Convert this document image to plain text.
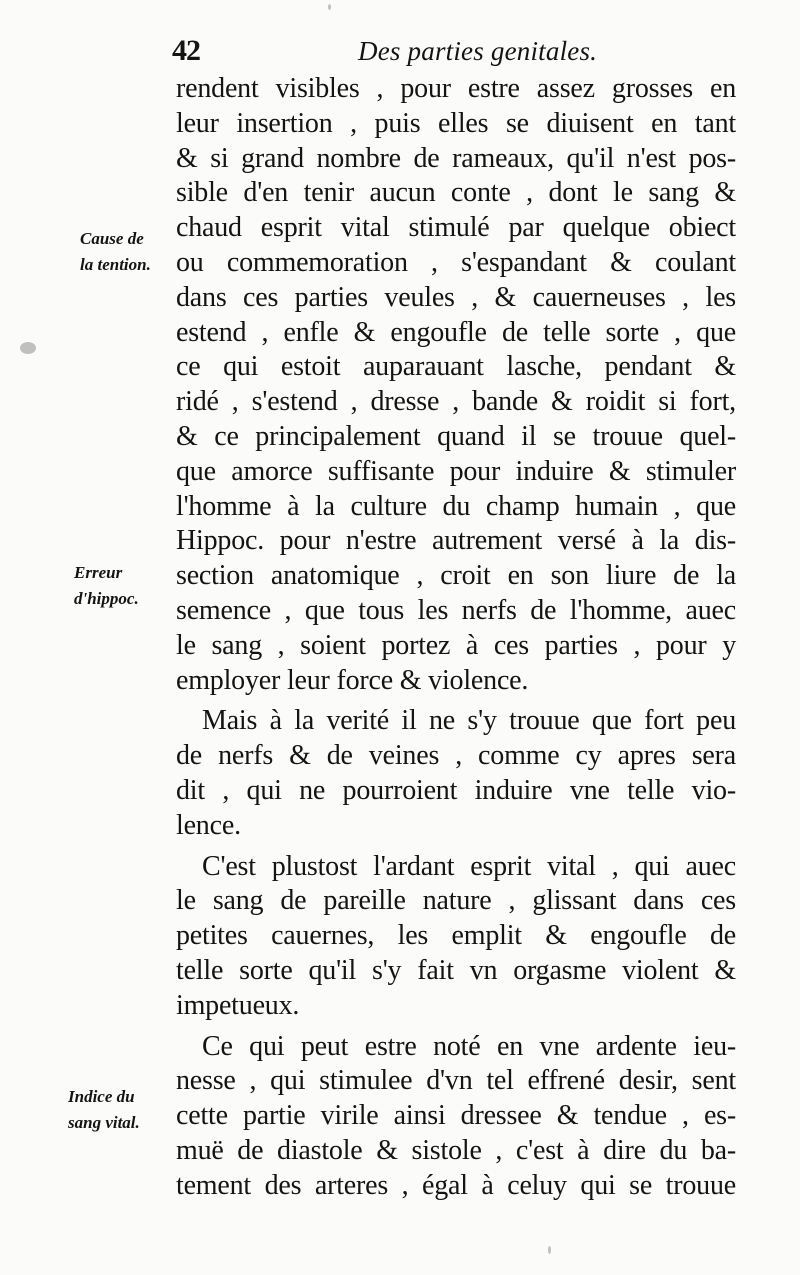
42	Des parties genitales.
Cause de
la tention.
Erreur
d'hippoc.
Indice du
sang vital.
rendent visibles , pour estre assez grosses en
leur insertion , puis elles se diuisent en tant
& si grand nombre de rameaux, qu'il n'est pos-
sible d'en tenir aucun conte , dont le sang &
chaud esprit vital stimulé par quelque obiect
ou commemoration , s'espandant & coulant
dans ces parties veules , & cauerneuses , les
estend , enfle & engoufle de telle sorte , que
ce qui estoit auparauant lasche, pendant &
ridé , s'estend , dresse , bande & roidit si fort,
& ce principalement quand il se trouue quel-
que amorce suffisante pour induire & stimuler
l'homme à la culture du champ humain , que
Hippoc. pour n'estre autrement versé à la dis-
section anatomique , croit en son liure de la
semence , que tous les nerfs de l'homme, auec
le sang , soient portez à ces parties , pour y
employer leur force & violence.
Mais à la verité il ne s'y trouue que fort peu
de nerfs & de veines , comme cy apres sera
dit , qui ne pourroient induire vne telle vio-
lence.
C'est plustost l'ardant esprit vital , qui auec
le sang de pareille nature , glissant dans ces
petites cauernes, les emplit & engoufle de
telle sorte qu'il s'y fait vn orgasme violent &
impetueux.
Ce qui peut estre noté en vne ardente ieu-
nesse , qui stimulee d'vn tel effrené desir, sent
cette partie virile ainsi dressee & tendue , es-
muë de diastole & sistole , c'est à dire du ba-
tement des arteres , égal à celuy qui se trouue
